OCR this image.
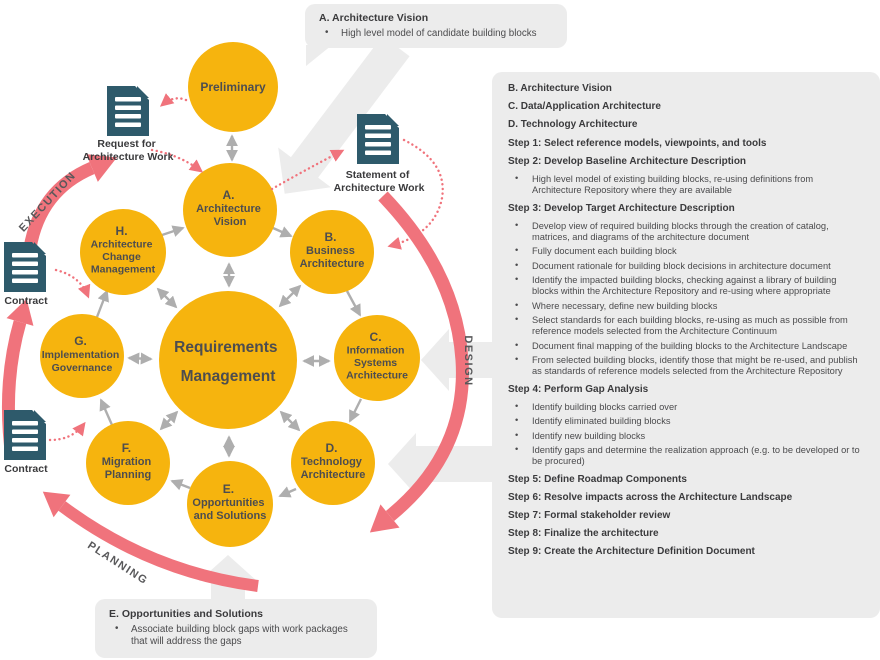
EXECUTION
DESIGN
PLANNING
Preliminary
A. Architecture Vision
B. Business Architecture
C. Information Systems Architecture
D. Technology Architecture
E. Opportunities and Solutions
F. Migration Planning
G. Implementation Governance
H. Architecture Change Management
Requirements Management
Request for Architecture Work
Statement of Architecture Work
Contract
Contract
A. Architecture Vision
• High level model of candidate building blocks
B. Architecture Vision
C. Data/Application Architecture
D. Technology Architecture
Step 1: Select reference models, viewpoints, and tools
Step 2: Develop Baseline Architecture Description
• High level model of existing building blocks, re-using definitions from Architecture Repository where they are available
Step 3: Develop Target Architecture Description
• Develop view of required building blocks through the creation of catalog, matrices, and diagrams of the architecture document
• Fully document each building block
• Document rationale for building block decisions in architecture document
• Identify the impacted building blocks, checking against a library of building blocks within the Architecture Repository and re-using where appropriate
• Where necessary, define new building blocks
• Select standards for each building blocks, re-using as much as possible from reference models selected from the Architecture Continuum
• Document final mapping of the building blocks to the Architecture Landscape
• From selected building blocks, identify those that might be re-used, and publish as standards of reference models selected from the Architecture Repository
Step 4: Perform Gap Analysis
• Identify building blocks carried over
• Identify eliminated building blocks
• Identify new building blocks
• Identify gaps and determine the realization approach (e.g. to be developed or to be procured)
Step 5: Define Roadmap Components
Step 6: Resolve impacts across the Architecture Landscape
Step 7: Formal stakeholder review
Step 8: Finalize the architecture
Step 9: Create the Architecture Definition Document
E. Opportunities and Solutions
• Associate building block gaps with work packages that will address the gaps
